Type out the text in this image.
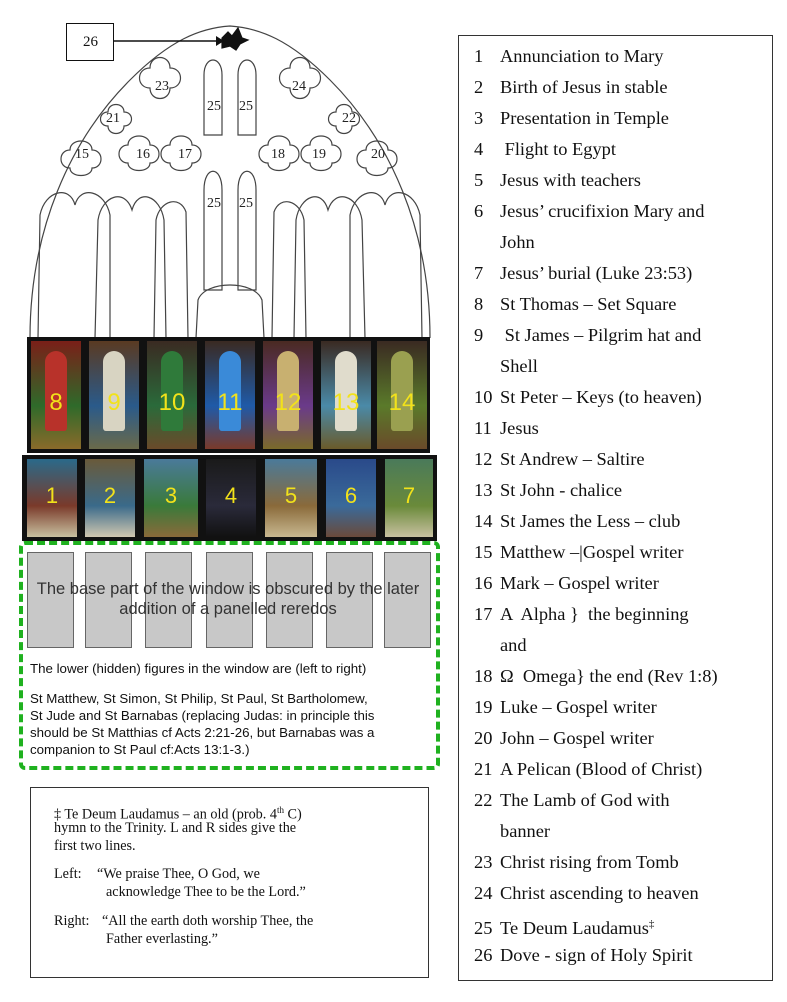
26
23	24
25 25
25 25
21	22
15	16 17	18 19	20
8	9	10	11	12	13	14
1	2	3	4	5	6	7
The base part of the window is obscured by the later addition of a panelled reredos
The lower (hidden) figures in the window are (left to right)
St Matthew, St Simon, St Philip, St Paul, St Bartholomew,
St Jude and St Barnabas (replacing Judas: in principle this
should be St Matthias cf Acts 2:21-26, but Barnabas was a
companion to St Paul cf:Acts 13:1-3.)
‡ Te Deum Laudamus – an old (prob. 4th C)
hymn to the Trinity. L and R sides give the
first two lines.
Left: “We praise Thee, O God, we
acknowledge Thee to be the Lord.”
Right: “All the earth doth worship Thee, the
Father everlasting.”
1 Annunciation to Mary
2 Birth of Jesus in stable
3 Presentation in Temple
4 Flight to Egypt
5 Jesus with teachers
6 Jesus’ crucifixion Mary and
John
7 Jesus’ burial (Luke 23:53)
8 St Thomas – Set Square
9 St James – Pilgrim hat and
Shell
10 St Peter – Keys (to heaven)
11 Jesus
12 St Andrew – Saltire
13 St John - chalice
14 St James the Less – club
15 Matthew –|Gospel writer
16 Mark – Gospel writer
17 A  Alpha }  the beginning
and
18 Ω  Omega} the end (Rev 1:8)
19 Luke – Gospel writer
20 John – Gospel writer
21 A Pelican (Blood of Christ)
22 The Lamb of God with
banner
23 Christ rising from Tomb
24 Christ ascending to heaven
25 Te Deum Laudamus‡
26 Dove - sign of Holy Spirit
